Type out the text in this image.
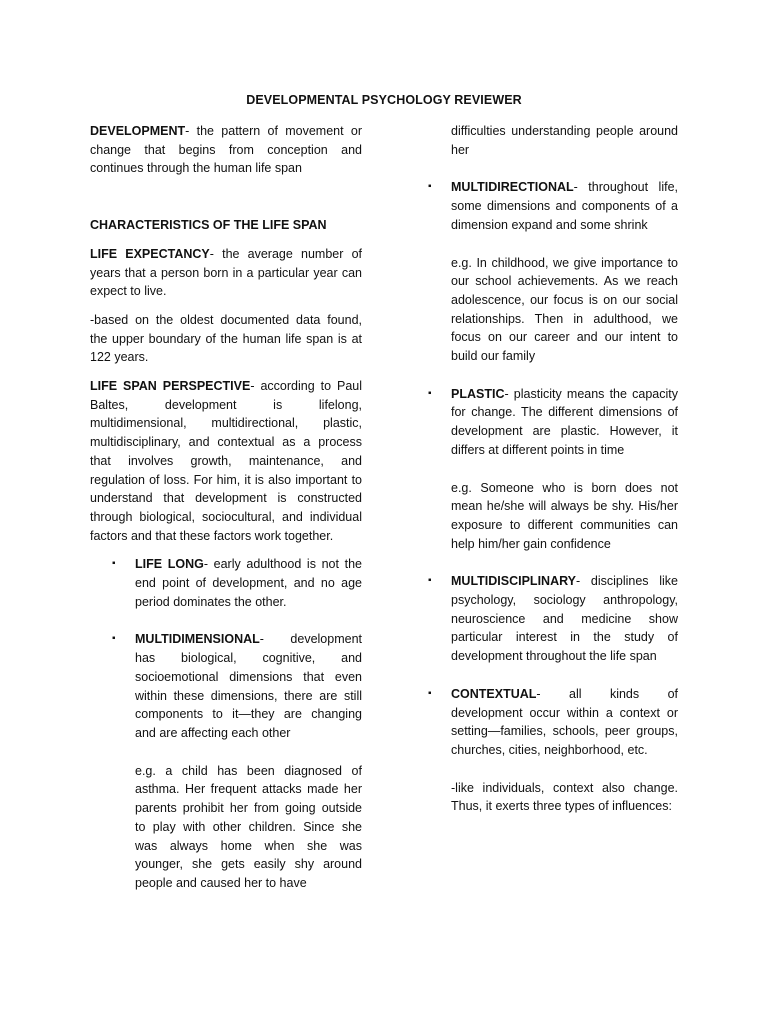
DEVELOPMENTAL PSYCHOLOGY REVIEWER

DEVELOPMENT- the pattern of movement or change that begins from conception and continues through the human life span

CHARACTERISTICS OF THE LIFE SPAN

LIFE EXPECTANCY- the average number of years that a person born in a particular year can expect to live.

-based on the oldest documented data found, the upper boundary of the human life span is at 122 years.

LIFE SPAN PERSPECTIVE- according to Paul Baltes, development is lifelong, multidimensional, multidirectional, plastic, multidisciplinary, and contextual as a process that involves growth, maintenance, and regulation of loss. For him, it is also important to understand that development is constructed through biological, sociocultural, and individual factors and that these factors work together.

▪ LIFE LONG- early adulthood is not the end point of development, and no age period dominates the other.

▪ MULTIDIMENSIONAL- development has biological, cognitive, and socioemotional dimensions that even within these dimensions, there are still components to it—they are changing and are affecting each other

e.g. a child has been diagnosed of asthma. Her frequent attacks made her parents prohibit her from going outside to play with other children. Since she was always home when she was younger, she gets easily shy around people and caused her to have

difficulties understanding people around her

▪ MULTIDIRECTIONAL- throughout life, some dimensions and components of a dimension expand and some shrink

e.g. In childhood, we give importance to our school achievements. As we reach adolescence, our focus is on our social relationships. Then in adulthood, we focus on our career and our intent to build our family

▪ PLASTIC- plasticity means the capacity for change. The different dimensions of development are plastic. However, it differs at different points in time

e.g. Someone who is born does not mean he/she will always be shy. His/her exposure to different communities can help him/her gain confidence

▪ MULTIDISCIPLINARY- disciplines like psychology, sociology anthropology, neuroscience and medicine show particular interest in the study of development throughout the life span

▪ CONTEXTUAL- all kinds of development occur within a context or setting—families, schools, peer groups, churches, cities, neighborhood, etc.

-like individuals, context also change. Thus, it exerts three types of influences:
